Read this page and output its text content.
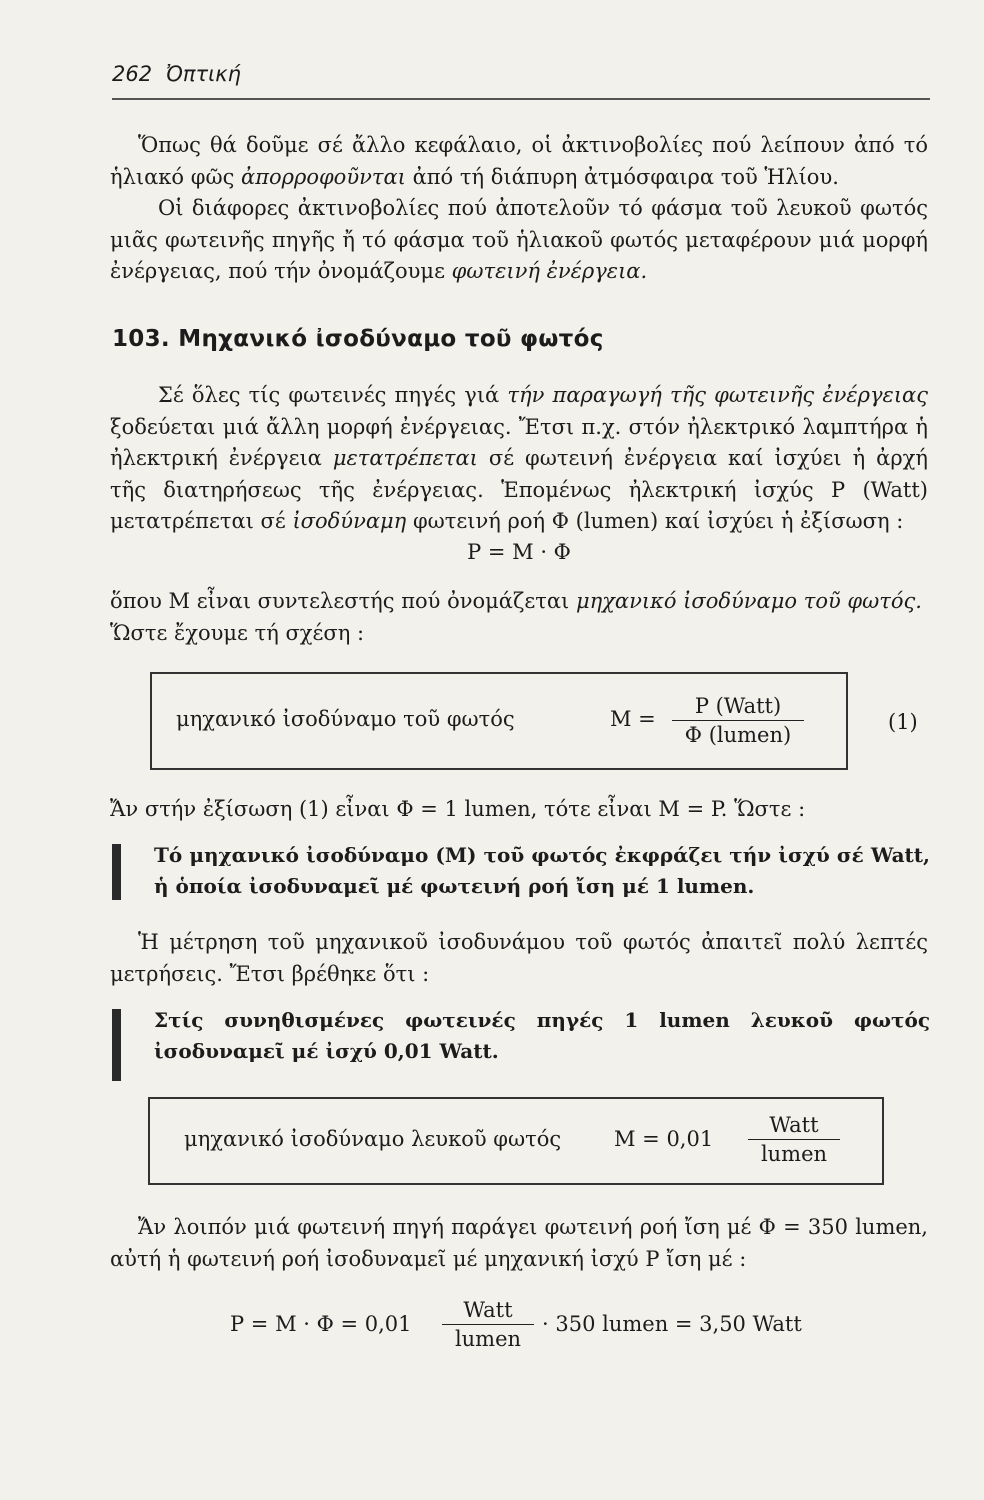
262 Ὀπτική
Ὅπως θά δοῦμε σέ ἄλλο κεφάλαιο, οἱ ἀκτινοβολίες πού λείπουν ἀπό τό ἡλιακό φῶς ἀπορροφοῦνται ἀπό τή διάπυρη ἀτμόσφαιρα τοῦ Ἡλίου.
Οἱ διάφορες ἀκτινοβολίες πού ἀποτελοῦν τό φάσμα τοῦ λευκοῦ φωτός μιᾶς φωτεινῆς πηγῆς ἤ τό φάσμα τοῦ ἡλιακοῦ φωτός μεταφέρουν μιά μορφή ἐνέργειας, πού τήν ὀνομάζουμε φωτεινή ἐνέργεια.
103. Μηχανικό ἰσοδύναμο τοῦ φωτός
Σέ ὅλες τίς φωτεινές πηγές γιά τήν παραγωγή τῆς φωτεινῆς ἐνέργειας ξοδεύεται μιά ἄλλη μορφή ἐνέργειας. Ἔτσι π.χ. στόν ἠλεκτρικό λαμπτήρα ἡ ἠλεκτρική ἐνέργεια μετατρέπεται σέ φωτεινή ἐνέργεια καί ἰσχύει ἡ ἀρχή τῆς διατηρήσεως τῆς ἐνέργειας. Ἑπομένως ἠλεκτρική ἰσχύς P (Watt) μετατρέπεται σέ ἰσοδύναμη φωτεινή ροή Φ (lumen) καί ἰσχύει ἡ ἐξίσωση :
P = M · Φ
ὅπου M εἶναι συντελεστής πού ὀνομάζεται μηχανικό ἰσοδύναμο τοῦ φωτός.
Ὥστε ἔχουμε τή σχέση :
μηχανικό ἰσοδύναμο τοῦ φωτός	M =
P (Watt)
Φ (lumen)
(1)
Ἄν στήν ἐξίσωση (1) εἶναι Φ = 1 lumen, τότε εἶναι M = P. Ὥστε :
Τό μηχανικό ἰσοδύναμο (M) τοῦ φωτός ἐκφράζει τήν ἰσχύ σέ Watt, ἡ ὁποία ἰσοδυναμεῖ μέ φωτεινή ροή ἴση μέ 1 lumen.
Ἡ μέτρηση τοῦ μηχανικοῦ ἰσοδυνάμου τοῦ φωτός ἀπαιτεῖ πολύ λεπτές μετρήσεις. Ἔτσι βρέθηκε ὅτι :
Στίς συνηθισμένες φωτεινές πηγές 1 lumen λευκοῦ φωτός ἰσοδυναμεῖ μέ ἰσχύ 0,01 Watt.
μηχανικό ἰσοδύναμο λευκοῦ φωτός	M = 0,01
Watt
lumen
Ἄν λοιπόν μιά φωτεινή πηγή παράγει φωτεινή ροή ἴση μέ Φ = 350 lumen, αὐτή ἡ φωτεινή ροή ἰσοδυναμεῖ μέ μηχανική ἰσχύ P ἴση μέ :
P = M · Φ = 0,01
Watt
lumen
· 350 lumen = 3,50 Watt
